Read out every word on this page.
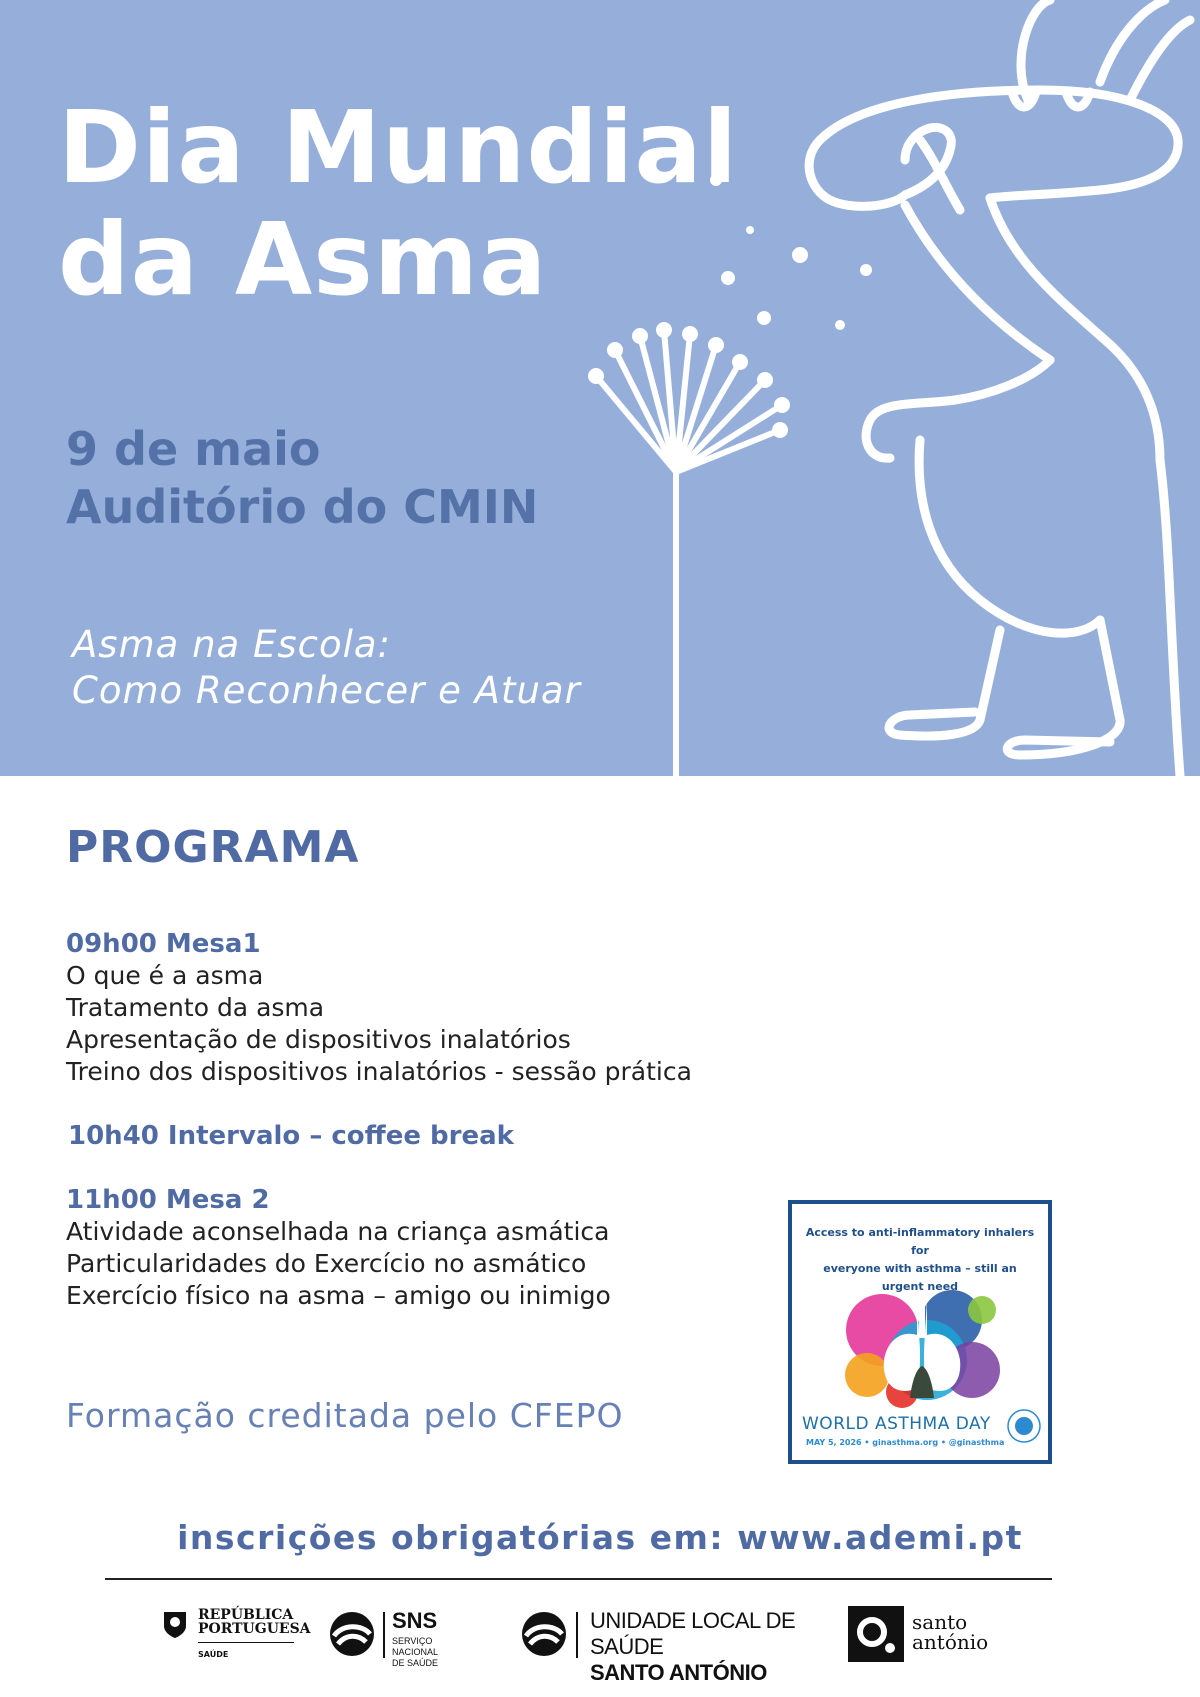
Dia Mundial
da Asma
9 de maio
Auditório do CMIN
Asma na Escola:
Como Reconhecer e Atuar
PROGRAMA
09h00 Mesa1
O que é a asma
Tratamento da asma
Apresentação de dispositivos inalatórios
Treino dos dispositivos inalatórios - sessão prática
10h40 Intervalo – coffee break
11h00 Mesa 2
Atividade aconselhada na criança asmática
Particularidades do Exercício no asmático
Exercício físico na asma – amigo ou inimigo
Formação creditada pelo CFEPO
Access to anti-inflammatory inhalers for
everyone with asthma – still an urgent need
WORLD ASTHMA DAY
MAY 5, 2026 • ginasthma.org • @ginasthma
inscrições obrigatórias em: www.ademi.pt
REPÚBLICA
PORTUGUESA
SAÚDE
SNS
SERVIÇO NACIONAL
DE SAÚDE
UNIDADE LOCAL DE SAÚDE
SANTO ANTÓNIO
santo
antónio
